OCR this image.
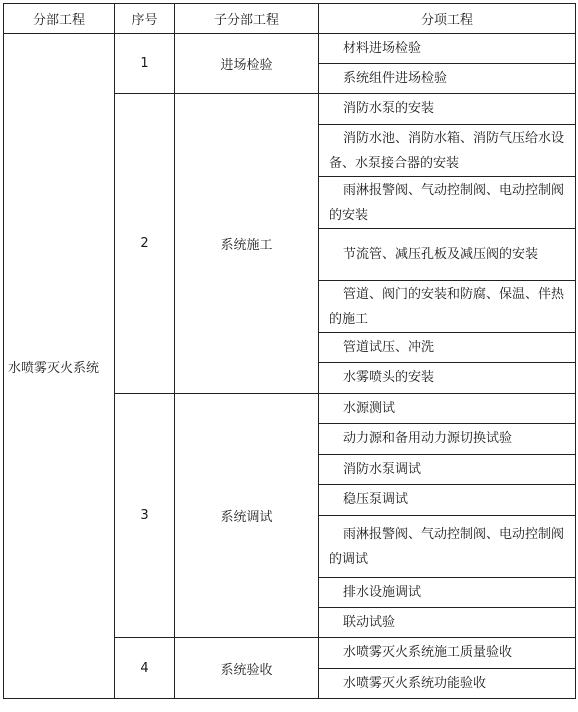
分部工程	序号	子分部工程	分项工程
水喷雾灭火系统	1	进场检验	材料进场检验
			系统组件进场检验
	2	系统施工	消防水泵的安装
			消防水池、消防水箱、消防气压给水设备、水泵接合器的安装
			雨淋报警阀、气动控制阀、电动控制阀的安装
			节流管、减压孔板及减压阀的安装
			管道、阀门的安装和防腐、保温、伴热的施工
			管道试压、冲洗
			水雾喷头的安装
	3	系统调试	水源测试
			动力源和备用动力源切换试验
			消防水泵调试
			稳压泵调试
			雨淋报警阀、气动控制阀、电动控制阀的调试
			排水设施调试
			联动试验
	4	系统验收	水喷雾灭火系统施工质量验收
			水喷雾灭火系统功能验收
